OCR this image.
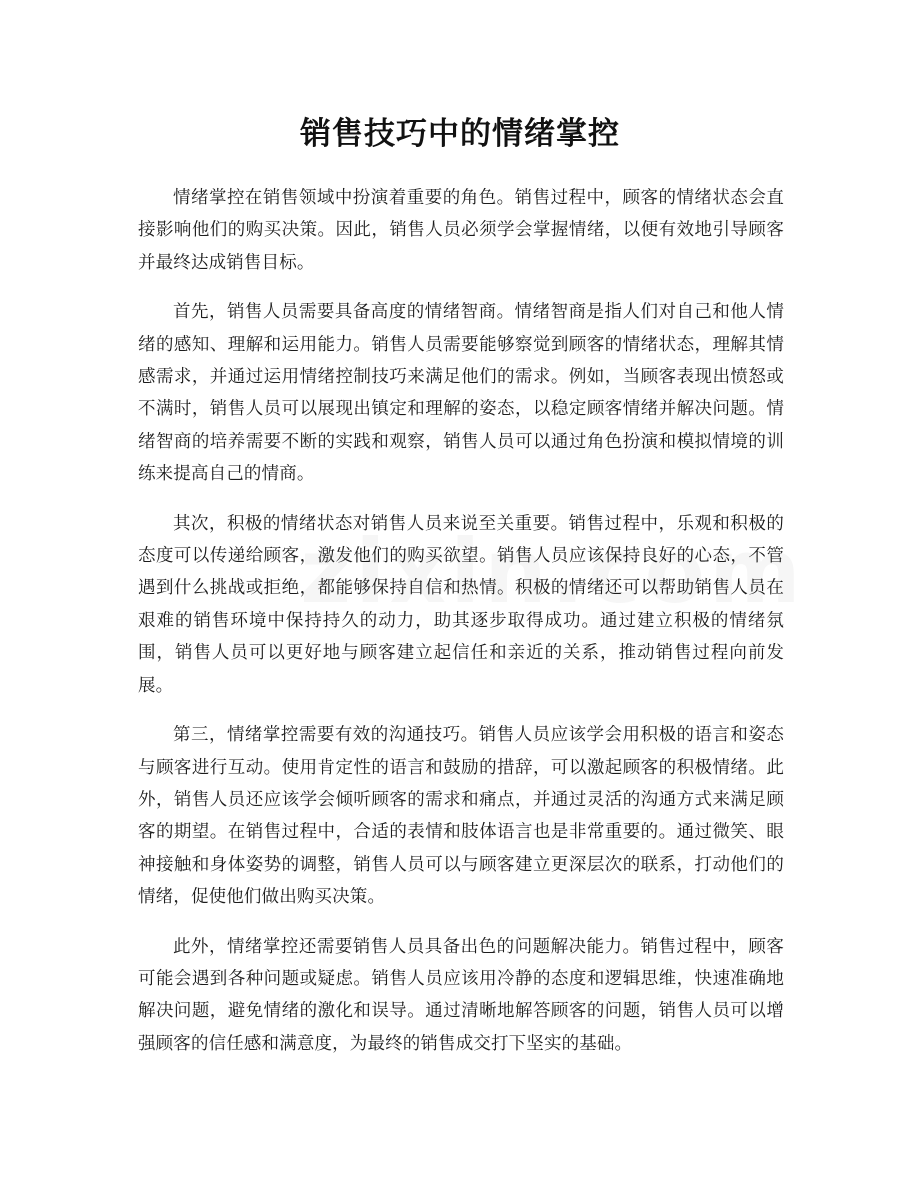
销售技巧中的情绪掌控

情绪掌控在销售领域中扮演着重要的角色。销售过程中，顾客的情绪状态会直接影响他们的购买决策。因此，销售人员必须学会掌握情绪，以便有效地引导顾客并最终达成销售目标。

首先，销售人员需要具备高度的情绪智商。情绪智商是指人们对自己和他人情绪的感知、理解和运用能力。销售人员需要能够察觉到顾客的情绪状态，理解其情感需求，并通过运用情绪控制技巧来满足他们的需求。例如，当顾客表现出愤怒或不满时，销售人员可以展现出镇定和理解的姿态，以稳定顾客情绪并解决问题。情绪智商的培养需要不断的实践和观察，销售人员可以通过角色扮演和模拟情境的训练来提高自己的情商。

其次，积极的情绪状态对销售人员来说至关重要。销售过程中，乐观和积极的态度可以传递给顾客，激发他们的购买欲望。销售人员应该保持良好的心态，不管遇到什么挑战或拒绝，都能够保持自信和热情。积极的情绪还可以帮助销售人员在艰难的销售环境中保持持久的动力，助其逐步取得成功。通过建立积极的情绪氛围，销售人员可以更好地与顾客建立起信任和亲近的关系，推动销售过程向前发展。

第三，情绪掌控需要有效的沟通技巧。销售人员应该学会用积极的语言和姿态与顾客进行互动。使用肯定性的语言和鼓励的措辞，可以激起顾客的积极情绪。此外，销售人员还应该学会倾听顾客的需求和痛点，并通过灵活的沟通方式来满足顾客的期望。在销售过程中，合适的表情和肢体语言也是非常重要的。通过微笑、眼神接触和身体姿势的调整，销售人员可以与顾客建立更深层次的联系，打动他们的情绪，促使他们做出购买决策。

此外，情绪掌控还需要销售人员具备出色的问题解决能力。销售过程中，顾客可能会遇到各种问题或疑虑。销售人员应该用冷静的态度和逻辑思维，快速准确地解决问题，避免情绪的激化和误导。通过清晰地解答顾客的问题，销售人员可以增强顾客的信任感和满意度，为最终的销售成交打下坚实的基础。
